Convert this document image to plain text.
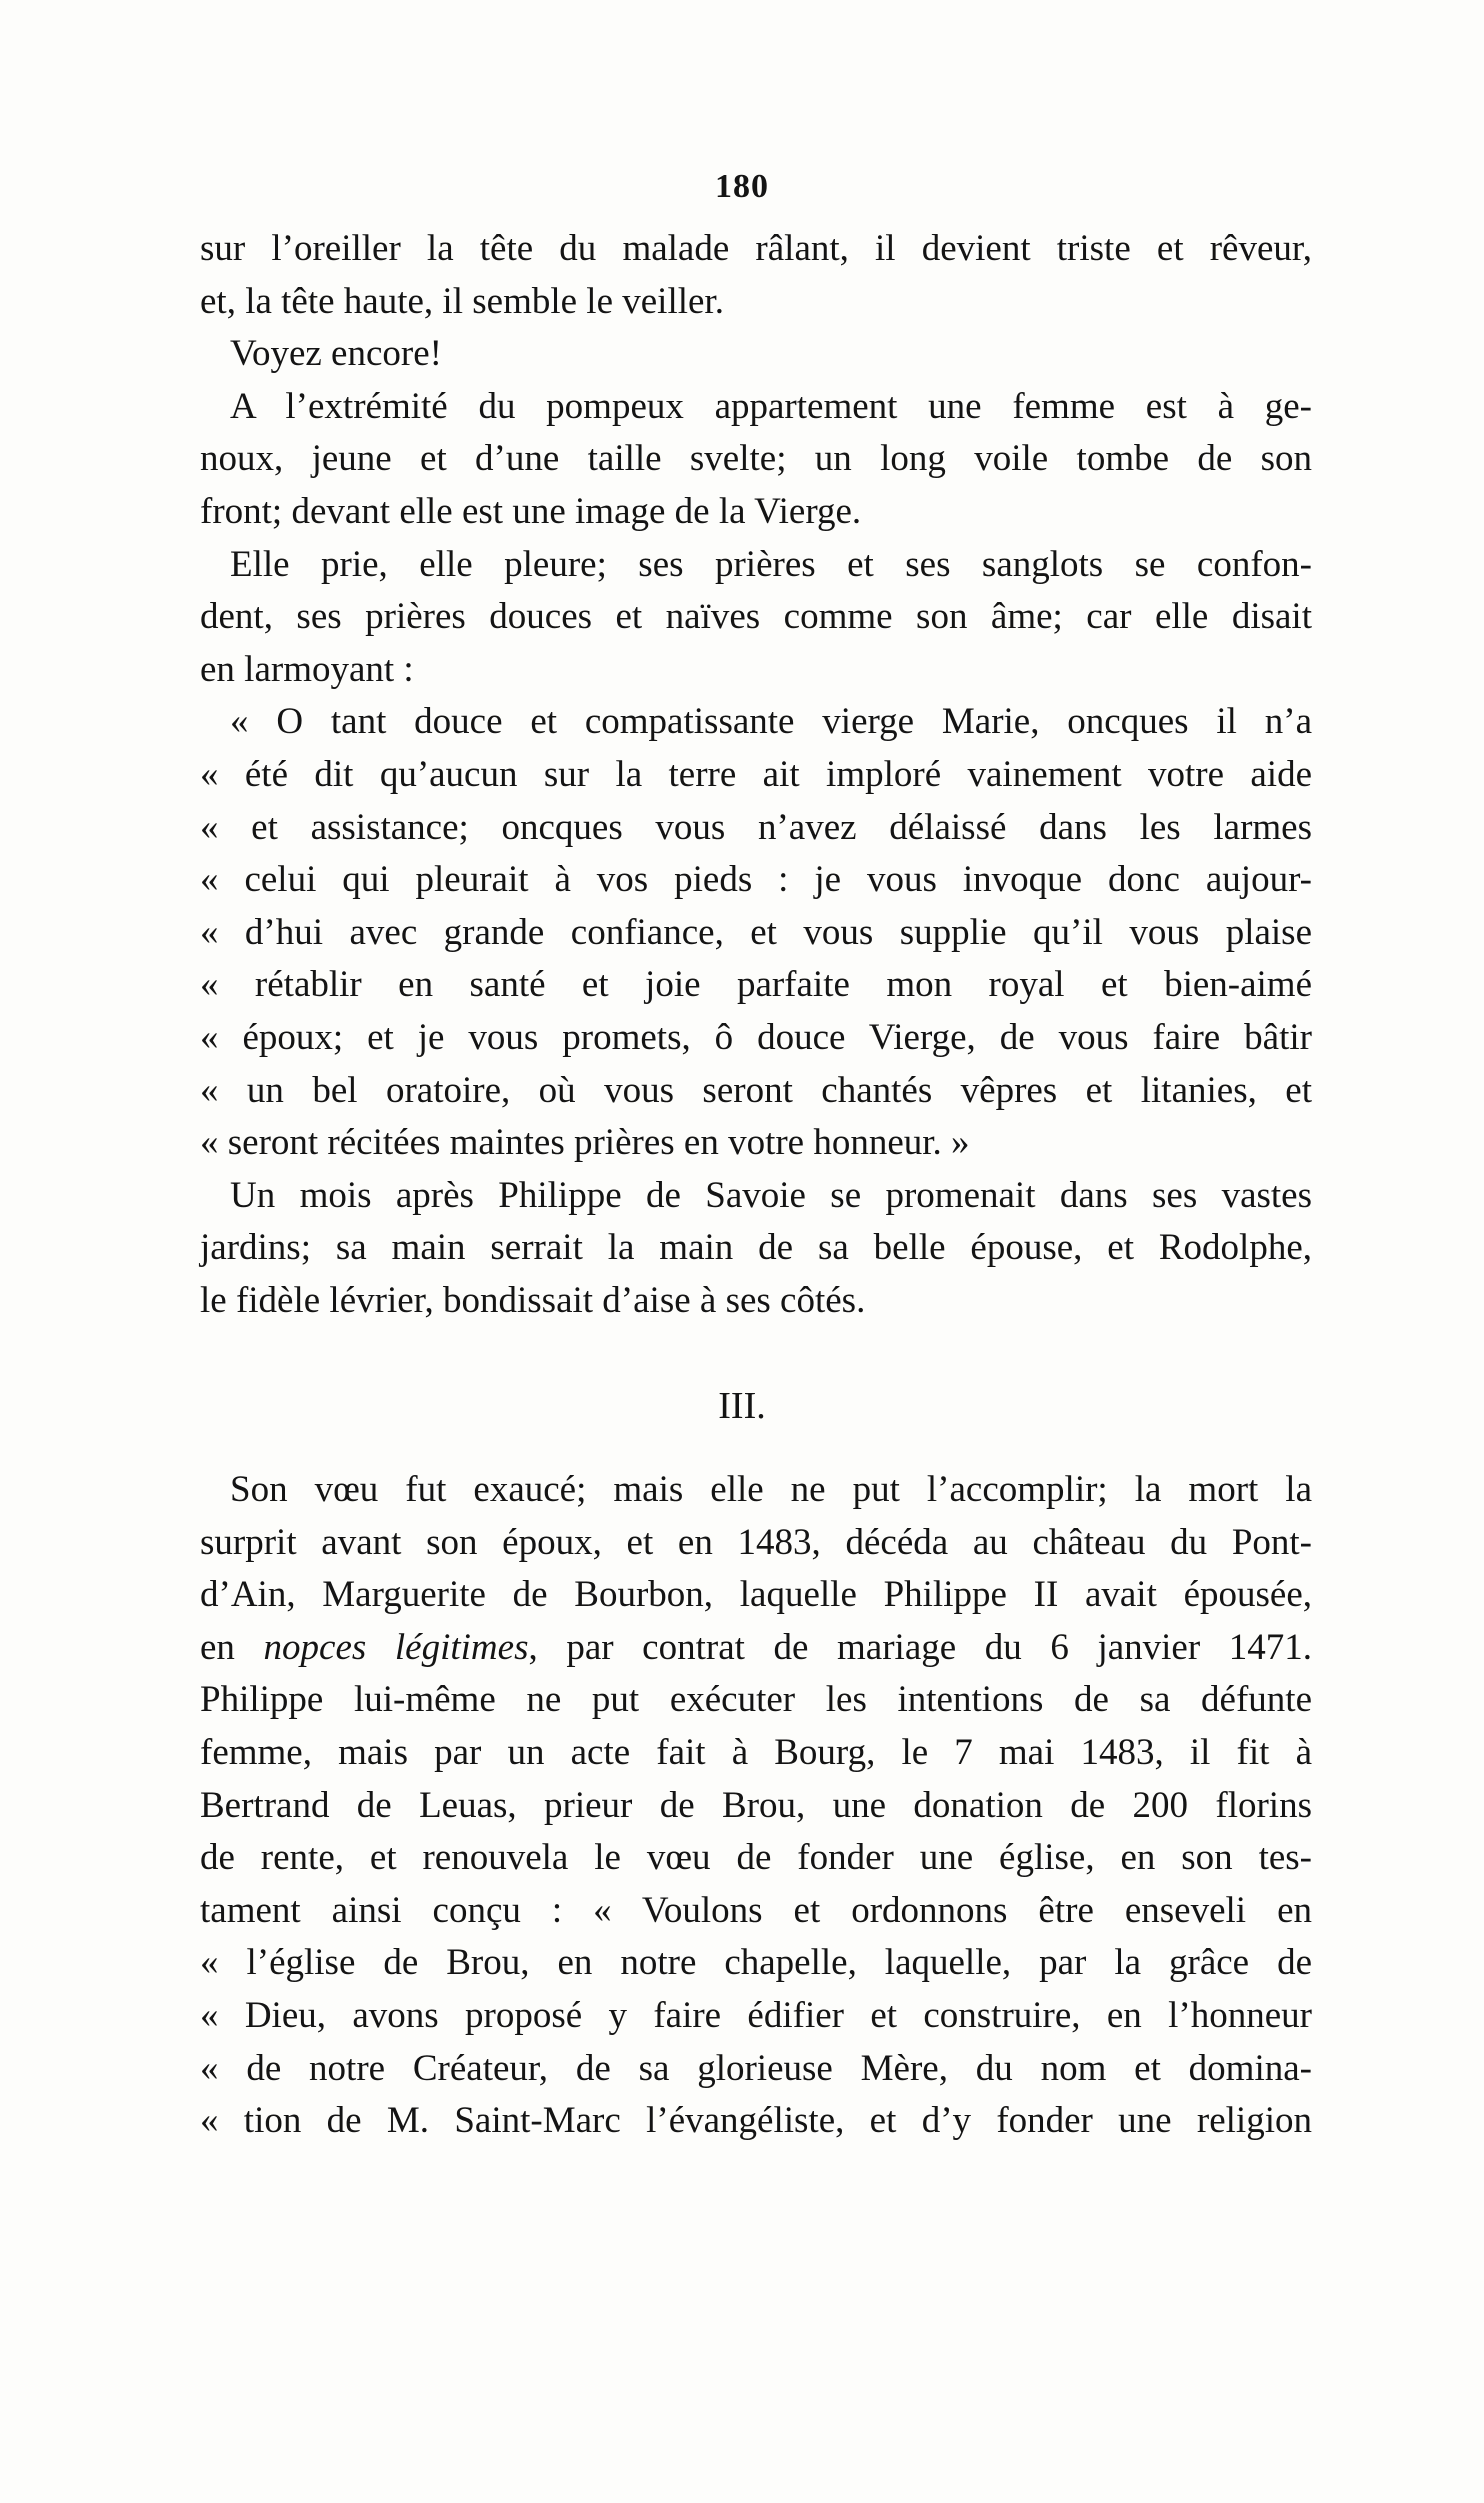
180
sur l’oreiller la tête du malade râlant, il devient triste et rêveur,
et, la tête haute, il semble le veiller.
Voyez encore!
A l’extrémité du pompeux appartement une femme est à ge-
noux, jeune et d’une taille svelte; un long voile tombe de son
front; devant elle est une image de la Vierge.
Elle prie, elle pleure; ses prières et ses sanglots se confon-
dent, ses prières douces et naïves comme son âme; car elle disait
en larmoyant :
« O tant douce et compatissante vierge Marie, oncques il n’a
« été dit qu’aucun sur la terre ait imploré vainement votre aide
« et assistance; oncques vous n’avez délaissé dans les larmes
« celui qui pleurait à vos pieds : je vous invoque donc aujour-
« d’hui avec grande confiance, et vous supplie qu’il vous plaise
« rétablir en santé et joie parfaite mon royal et bien-aimé
« époux; et je vous promets, ô douce Vierge, de vous faire bâtir
« un bel oratoire, où vous seront chantés vêpres et litanies, et
« seront récitées maintes prières en votre honneur. »
Un mois après Philippe de Savoie se promenait dans ses vastes
jardins; sa main serrait la main de sa belle épouse, et Rodolphe,
le fidèle lévrier, bondissait d’aise à ses côtés.
III.
Son vœu fut exaucé; mais elle ne put l’accomplir; la mort la
surprit avant son époux, et en 1483, décéda au château du Pont-
d’Ain, Marguerite de Bourbon, laquelle Philippe II avait épousée,
en nopces légitimes, par contrat de mariage du 6 janvier 1471.
Philippe lui-même ne put exécuter les intentions de sa défunte
femme, mais par un acte fait à Bourg, le 7 mai 1483, il fit à
Bertrand de Leuas, prieur de Brou, une donation de 200 florins
de rente, et renouvela le vœu de fonder une église, en son tes-
tament ainsi conçu : « Voulons et ordonnons être enseveli en
« l’église de Brou, en notre chapelle, laquelle, par la grâce de
« Dieu, avons proposé y faire édifier et construire, en l’honneur
« de notre Créateur, de sa glorieuse Mère, du nom et domina-
« tion de M. Saint-Marc l’évangéliste, et d’y fonder une religion
